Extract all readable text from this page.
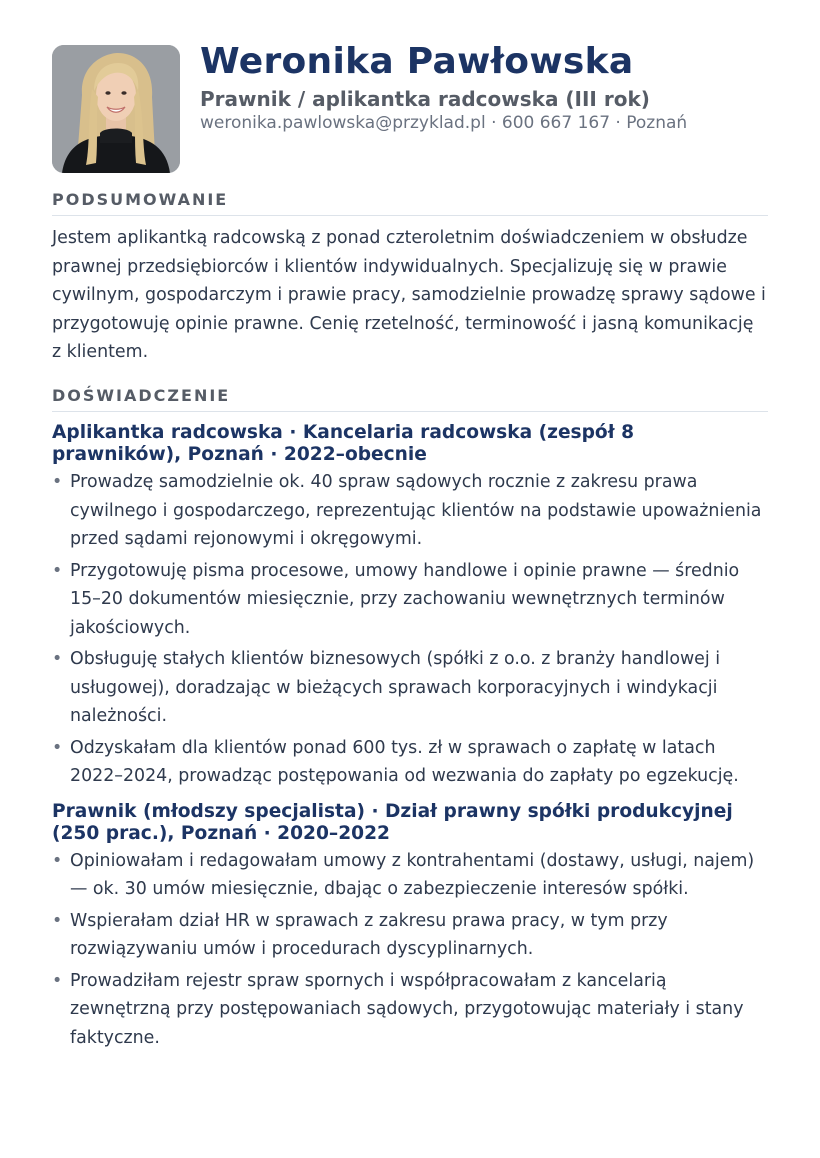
Weronika Pawłowska
Prawnik / aplikantka radcowska (III rok)
weronika.pawlowska@przyklad.pl · 600 667 167 · Poznań
PODSUMOWANIE
Jestem aplikantką radcowską z ponad czteroletnim doświadczeniem w obsłudze prawnej przedsiębiorców i klientów indywidualnych. Specjalizuję się w prawie cywilnym, gospodarczym i prawie pracy, samodzielnie prowadzę sprawy sądowe i przygotowuję opinie prawne. Cenię rzetelność, terminowość i jasną komunikację z klientem.
DOŚWIADCZENIE
Aplikantka radcowska · Kancelaria radcowska (zespół 8 prawników), Poznań · 2022–obecnie
• Prowadzę samodzielnie ok. 40 spraw sądowych rocznie z zakresu prawa cywilnego i gospodarczego, reprezentując klientów na podstawie upoważnienia przed sądami rejonowymi i okręgowymi.
• Przygotowuję pisma procesowe, umowy handlowe i opinie prawne — średnio 15–20 dokumentów miesięcznie, przy zachowaniu wewnętrznych terminów jakościowych.
• Obsługuję stałych klientów biznesowych (spółki z o.o. z branży handlowej i usługowej), doradzając w bieżących sprawach korporacyjnych i windykacji należności.
• Odzyskałam dla klientów ponad 600 tys. zł w sprawach o zapłatę w latach 2022–2024, prowadząc postępowania od wezwania do zapłaty po egzekucję.
Prawnik (młodszy specjalista) · Dział prawny spółki produkcyjnej (250 prac.), Poznań · 2020–2022
• Opiniowałam i redagowałam umowy z kontrahentami (dostawy, usługi, najem) — ok. 30 umów miesięcznie, dbając o zabezpieczenie interesów spółki.
• Wspierałam dział HR w sprawach z zakresu prawa pracy, w tym przy rozwiązywaniu umów i procedurach dyscyplinarnych.
• Prowadziłam rejestr spraw spornych i współpracowałam z kancelarią zewnętrzną przy postępowaniach sądowych, przygotowując materiały i stany faktyczne.
